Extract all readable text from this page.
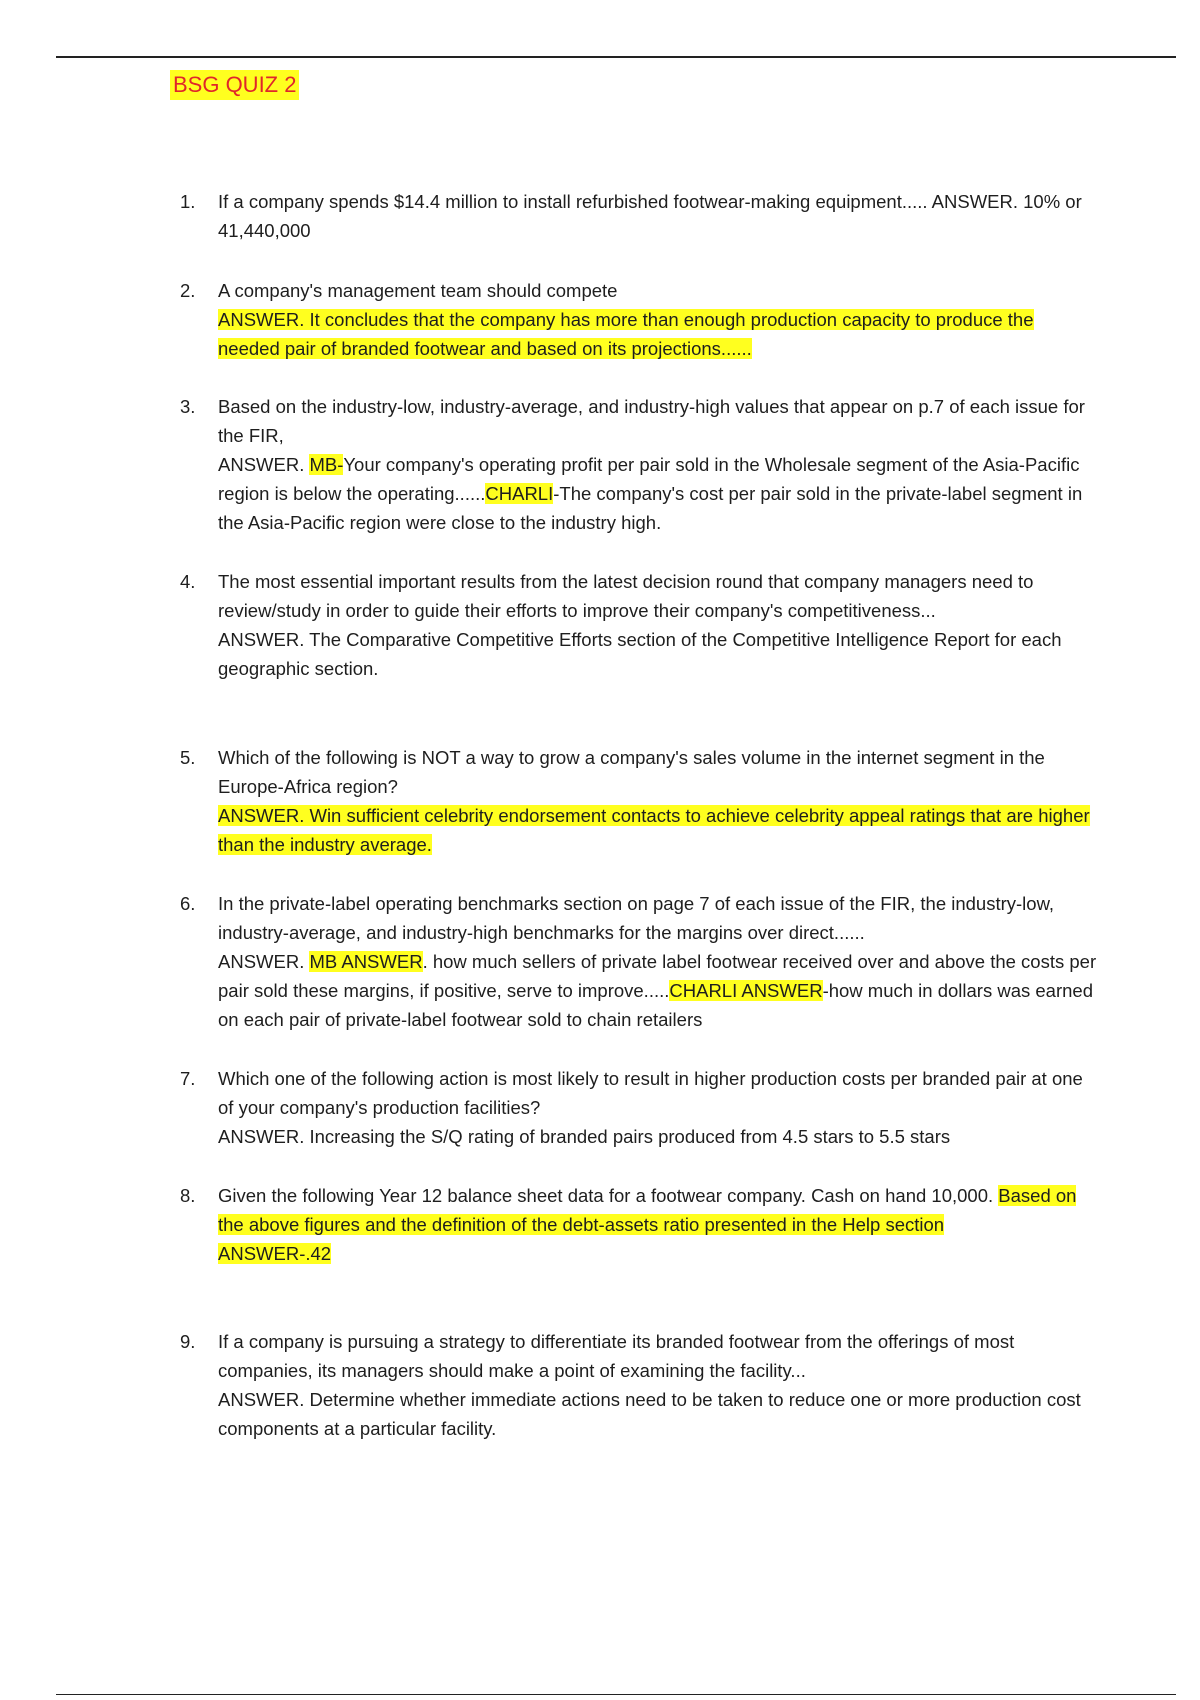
BSG QUIZ 2
1.	If a company spends $14.4 million to install refurbished footwear-making equipment..... ANSWER. 10% or 41,440,000
2.	A company's management team should compete
ANSWER. It concludes that the company has more than enough production capacity to produce the needed pair of branded footwear and based on its projections......
3.	Based on the industry-low, industry-average, and industry-high values that appear on p.7 of each issue for the FIR,
ANSWER. MB-Your company's operating profit per pair sold in the Wholesale segment of the Asia-Pacific region is below the operating......CHARLI-The company's cost per pair sold in the private-label segment in the Asia-Pacific region were close to the industry high.
4.	The most essential important results from the latest decision round that company managers need to review/study in order to guide their efforts to improve their company's competitiveness...
ANSWER. The Comparative Competitive Efforts section of the Competitive Intelligence Report for each geographic section.
5.	Which of the following is NOT a way to grow a company's sales volume in the internet segment in the Europe-Africa region?
ANSWER. Win sufficient celebrity endorsement contacts to achieve celebrity appeal ratings that are higher than the industry average.
6.	In the private-label operating benchmarks section on page 7 of each issue of the FIR, the industry-low, industry-average, and industry-high benchmarks for the margins over direct......
ANSWER. MB ANSWER. how much sellers of private label footwear received over and above the costs per pair sold these margins, if positive, serve to improve.....CHARLI ANSWER-how much in dollars was earned on each pair of private-label footwear sold to chain retailers
7.	Which one of the following action is most likely to result in higher production costs per branded pair at one of your company's production facilities?
ANSWER. Increasing the S/Q rating of branded pairs produced from 4.5 stars to 5.5 stars
8.	Given the following Year 12 balance sheet data for a footwear company. Cash on hand 10,000. Based on the above figures and the definition of the debt-assets ratio presented in the Help section
ANSWER-.42
9.	If a company is pursuing a strategy to differentiate its branded footwear from the offerings of most companies, its managers should make a point of examining the facility...
ANSWER. Determine whether immediate actions need to be taken to reduce one or more production cost components at a particular facility.
